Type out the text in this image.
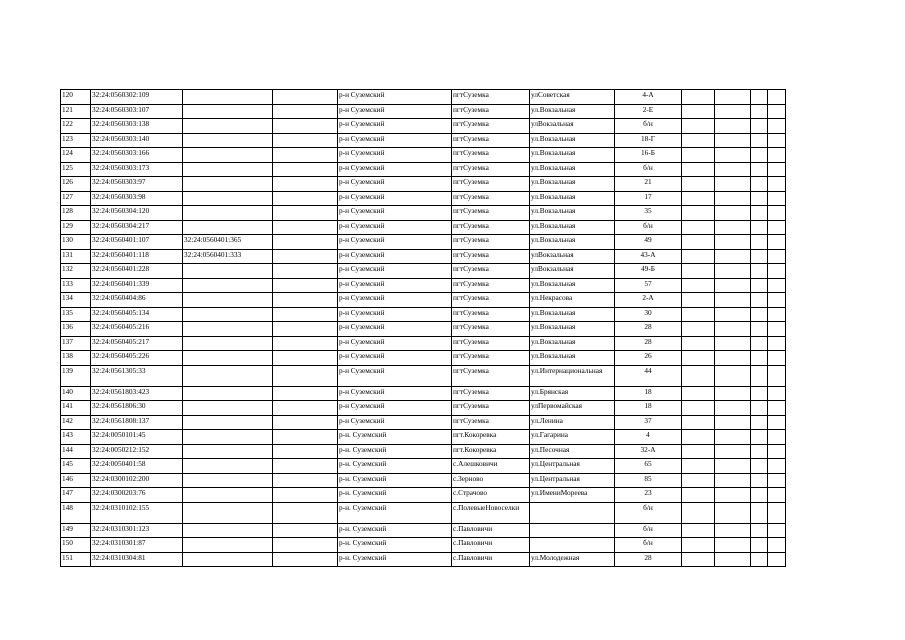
120	32:24:0560302:109			р-н Суземский	пгтСуземка	улСоветская	4-А				
121	32:24:0560303:107			р-н Суземский	пгтСуземка	ул.Вокзальная	2-Е				
122	32:24:0560303:138			р-н Суземский	пгтСуземка	улВокзальная	б/н				
123	32:24:0560303:140			р-н Суземский	пгтСуземка	ул.Вокзальная	18-Г				
124	32:24:0560303:166			р-н Суземский	пгтСуземка	ул.Вокзальная	16-Б				
125	32:24:0560303:173			р-н Суземский	пгтСуземка	ул.Вокзальная	б/н				
126	32:24:0560303:97			р-н Суземский	пгтСуземка	ул.Вокзальная	21				
127	32:24:0560303:98			р-н Суземский	пгтСуземка	ул.Вокзальная	17				
128	32:24:0560304:120			р-н Суземский	пгтСуземка	ул.Вокзальная	35				
129	32:24:0560304:217			р-н Суземский	пгтСуземка	ул.Вокзальная	б/н				
130	32:24:0560401:107	32:24:0560401:365		р-н Суземский	пгтСуземка	ул.Вокзальная	49				
131	32:24:0560401:118	32:24:0560401:333		р-н Суземский	пгтСуземка	улВокзальная	43-А				
132	32:24:0560401:228			р-н Суземский	пгтСуземка	улВокзальная	49-Б				
133	32:24:0560401:339			р-н Суземский	пгтСуземка	ул.Вокзальная	57				
134	32:24:0560404:86			р-н Суземский	пгтСуземка	ул.Некрасова	2-А				
135	32:24:0560405:134			р-н Суземский	пгтСуземка	ул.Вокзальная	30				
136	32:24:0560405:216			р-н Суземский	пгтСуземка	ул.Вокзальная	28				
137	32:24:0560405:217			р-н Суземский	пгтСуземка	ул.Вокзальная	28				
138	32:24:0560405:226			р-н Суземский	пгтСуземка	ул.Вокзальная	26				
139	32:24:0561305:33			р-н Суземский	пгтСуземка	ул.Интернациональная	44				
140	32:24:0561803:423			р-н Суземский	пгтСуземка	ул.Брянская	18				
141	32:24:0561806:30			р-н Суземский	пгтСуземка	улПервомайская	18				
142	32:24:0561808:137			р-н Суземский	пгтСуземка	ул.Ленина	37				
143	32:24:0050101:45			р-н. Суземский	пгт.Кокоревка	ул.Гагарина	4				
144	32:24:0050212:152			р-н. Суземский	пгт.Кокоревка	ул.Песочная	32-А				
145	32:24:0050401:58			р-н. Суземский	с.Алешковичи	ул.Центральная	65				
146	32:24:0300102:200			р-н. Суземский	с.Зерново	ул.Центральная	85				
147	32:24:0300203:76			р-н. Суземский	с.Страчово	ул.ИмениМореева	23				
148	32:24:0310102:155			р-н. Суземский	с.ПолевыеНовоселки		б/н				
149	32:24:0310301:123			р-н. Суземский	с.Павловичи		б/н				
150	32:24:0310301:87			р-н. Суземский	с.Павловичи		б/н				
151	32:24:0310304:81			р-н. Суземский	с.Павловичи	ул.Молодежная	28				
